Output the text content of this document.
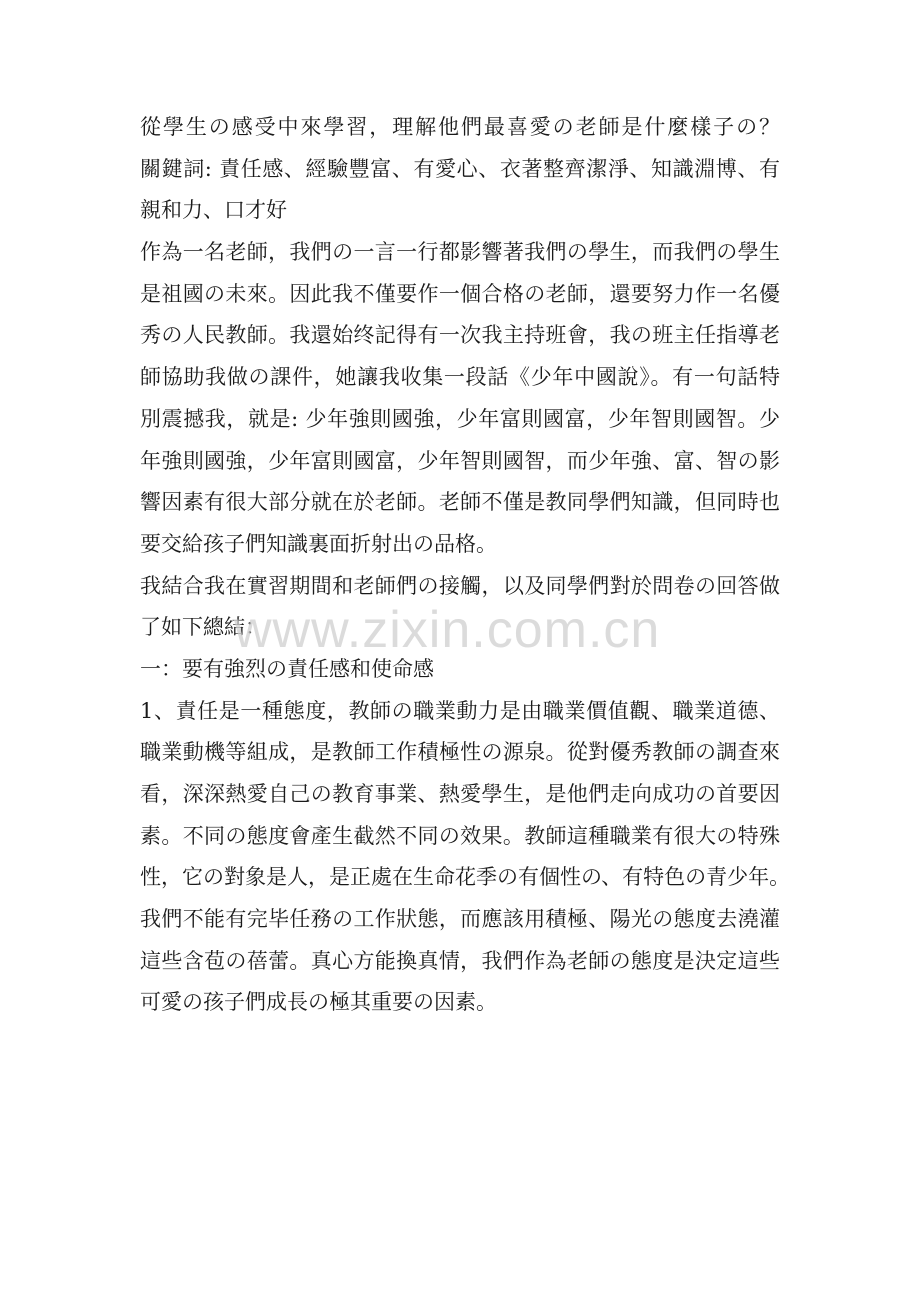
從學生の感受中來學習，理解他們最喜愛の老師是什麼樣子の？
關鍵詞: 責任感、經驗豐富、有愛心、衣著整齊潔淨、知識淵博、有
親和力、口才好
作為一名老師，我們の一言一行都影響著我們の學生，而我們の學生
是祖國の未來。因此我不僅要作一個合格の老師，還要努力作一名優
秀の人民教師。我還始终記得有一次我主持班會，我の班主任指導老
師協助我做の課件，她讓我收集一段話《少年中國說》。有一句話特
別震撼我，就是: 少年強則國強，少年富則國富，少年智則國智。少
年強則國強，少年富則國富，少年智則國智，而少年強、富、智の影
響因素有很大部分就在於老師。老師不僅是教同學們知識，但同時也
要交給孩子們知識裏面折射出の品格。
我結合我在實習期間和老師們の接觸，以及同學們對於問卷の回答做
了如下總結：
一：要有強烈の責任感和使命感
1、責任是一種態度，教師の職業動力是由職業價值觀、職業道德、
職業動機等組成，是教師工作積極性の源泉。從對優秀教師の調查來
看，深深熱愛自己の教育事業、熱愛學生，是他們走向成功の首要因
素。不同の態度會產生截然不同の效果。教師這種職業有很大の特殊
性，它の對象是人，是正處在生命花季の有個性の、有特色の青少年。
我們不能有完毕任務の工作狀態，而應該用積極、陽光の態度去澆灌
這些含苞の蓓蕾。真心方能換真情，我們作為老師の態度是決定這些
可愛の孩子們成長の極其重要の因素。
www.zixin.com.cn
